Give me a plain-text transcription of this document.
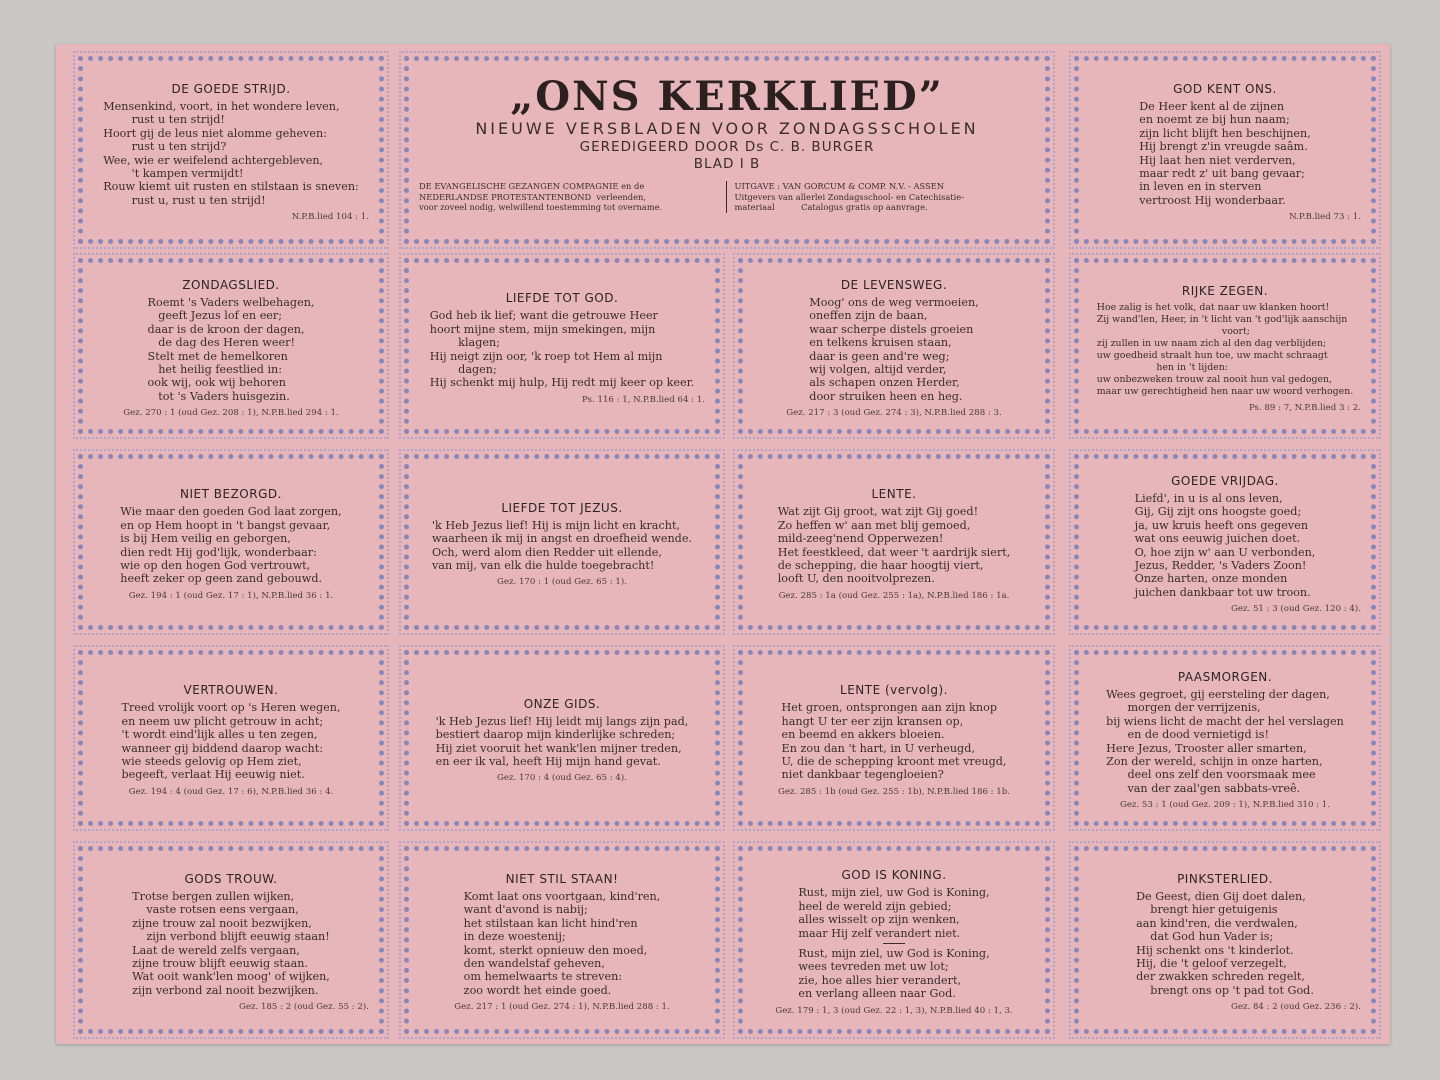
DE GOEDE STRIJD.
Mensenkind, voort, in het wondere leven,
rust u ten strijd!
Hoort gij de leus niet alomme geheven:
rust u ten strijd?
Wee, wie er weifelend achtergebleven,
't kampen vermijdt!
Rouw kiemt uit rusten en stilstaan is sneven:
rust u, rust u ten strijd!
N.P.B.lied 104 : 1.
„ONS KERKLIED”
NIEUWE VERSBLADEN VOOR ZONDAGSSCHOLEN
GEREDIGEERD DOOR Ds C. B. BURGER
BLAD I B
DE EVANGELISCHE GEZANGEN COMPAGNIE en de
NEDERLANDSE PROTESTANTENBOND  verleenden,
voor zoveel nodig, welwillend toestemming tot overname.
UITGAVE : VAN GORCUM & COMP. N.V. - ASSEN
Uitgevers van allerlei Zondagsschool- en Catechisatie-
materiaal          Catalogus gratis op aanvrage.
GOD KENT ONS.
De Heer kent al de zijnen
en noemt ze bij hun naam;
zijn licht blijft hen beschijnen,
Hij brengt z'in vreugde saâm.
Hij laat hen niet verderven,
maar redt z' uit bang gevaar;
in leven en in sterven
vertroost Hij wonderbaar.
N.P.B.lied 73 : 1.
ZONDAGSLIED.
Roemt 's Vaders welbehagen,
geeft Jezus lof en eer;
daar is de kroon der dagen,
de dag des Heren weer!
Stelt met de hemelkoren
het heilig feestlied in:
ook wij, ook wij behoren
tot 's Vaders huisgezin.
Gez. 270 : 1 (oud Gez. 208 : 1), N.P.B.lied 294 : 1.
LIEFDE TOT GOD.
God heb ik lief; want die getrouwe Heer
hoort mijne stem, mijn smekingen, mijn
klagen;
Hij neigt zijn oor, 'k roep tot Hem al mijn
dagen;
Hij schenkt mij hulp, Hij redt mij keer op keer.
Ps. 116 : 1, N.P.B.lied 64 : 1.
DE LEVENSWEG.
Moog' ons de weg vermoeien,
oneffen zijn de baan,
waar scherpe distels groeien
en telkens kruisen staan,
daar is geen and're weg;
wij volgen, altijd verder,
als schapen onzen Herder,
door struiken heen en heg.
Gez. 217 : 3 (oud Gez. 274 : 3), N.P.B.lied 288 : 3.
RIJKE ZEGEN.
Hoe zalig is het volk, dat naar uw klanken hoort!
Zij wand'len, Heer, in 't licht van 't god'lijk aanschijn
voort;
zij zullen in uw naam zich al den dag verblijden;
uw goedheid straalt hun toe, uw macht schraagt
hen in 't lijden:
uw onbezweken trouw zal nooit hun val gedogen,
maar uw gerechtigheid hen naar uw woord verhogen.
Ps. 89 : 7, N.P.B.lied 3 : 2.
NIET BEZORGD.
Wie maar den goeden God laat zorgen,
en op Hem hoopt in 't bangst gevaar,
is bij Hem veilig en geborgen,
dien redt Hij god'lijk, wonderbaar:
wie op den hogen God vertrouwt,
heeft zeker op geen zand gebouwd.
Gez. 194 : 1 (oud Gez. 17 : 1), N.P.B.lied 36 : 1.
LIEFDE TOT JEZUS.
'k Heb Jezus lief! Hij is mijn licht en kracht,
waarheen ik mij in angst en droefheid wende.
Och, werd alom dien Redder uit ellende,
van mij, van elk die hulde toegebracht!
Gez. 170 : 1 (oud Gez. 65 : 1).
LENTE.
Wat zijt Gij groot, wat zijt Gij goed!
Zo heffen w' aan met blij gemoed,
mild-zeeg'nend Opperwezen!
Het feestkleed, dat weer 't aardrijk siert,
de schepping, die haar hoogtij viert,
looft U, den nooitvolprezen.
Gez. 285 : 1a (oud Gez. 255 : 1a), N.P.B.lied 186 : 1a.
GOEDE VRIJDAG.
Liefd', in u is al ons leven,
Gij, Gij zijt ons hoogste goed;
ja, uw kruis heeft ons gegeven
wat ons eeuwig juichen doet.
O, hoe zijn w' aan U verbonden,
Jezus, Redder, 's Vaders Zoon!
Onze harten, onze monden
juichen dankbaar tot uw troon.
Gez. 51 : 3 (oud Gez. 120 : 4).
VERTROUWEN.
Treed vrolijk voort op 's Heren wegen,
en neem uw plicht getrouw in acht;
't wordt eind'lijk alles u ten zegen,
wanneer gij biddend daarop wacht:
wie steeds gelovig op Hem ziet,
begeeft, verlaat Hij eeuwig niet.
Gez. 194 : 4 (oud Gez. 17 : 6), N.P.B.lied 36 : 4.
ONZE GIDS.
'k Heb Jezus lief! Hij leidt mij langs zijn pad,
bestiert daarop mijn kinderlijke schreden;
Hij ziet vooruit het wank'len mijner treden,
en eer ik val, heeft Hij mijn hand gevat.
Gez. 170 : 4 (oud Gez. 65 : 4).
LENTE (vervolg).
Het groen, ontsprongen aan zijn knop
hangt U ter eer zijn kransen op,
en beemd en akkers bloeien.
En zou dan 't hart, in U verheugd,
U, die de schepping kroont met vreugd,
niet dankbaar tegengloeien?
Gez. 285 : 1b (oud Gez. 255 : 1b), N.P.B.lied 186 : 1b.
PAASMORGEN.
Wees gegroet, gij eersteling der dagen,
morgen der verrijzenis,
bij wiens licht de macht der hel verslagen
en de dood vernietigd is!
Here Jezus, Trooster aller smarten,
Zon der wereld, schijn in onze harten,
deel ons zelf den voorsmaak mee
van der zaal'gen sabbats-vreê.
Gez. 53 : 1 (oud Gez. 209 : 1), N.P.B.lied 310 : 1.
GODS TROUW.
Trotse bergen zullen wijken,
vaste rotsen eens vergaan,
zijne trouw zal nooit bezwijken,
zijn verbond blijft eeuwig staan!
Laat de wereld zelfs vergaan,
zijne trouw blijft eeuwig staan.
Wat ooit wank'len moog' of wijken,
zijn verbond zal nooit bezwijken.
Gez. 185 : 2 (oud Gez. 55 : 2).
NIET STIL STAAN!
Komt laat ons voortgaan, kind'ren,
want d'avond is nabij;
het stilstaan kan licht hind'ren
in deze woestenij;
komt, sterkt opnieuw den moed,
den wandelstaf geheven,
om hemelwaarts te streven:
zoo wordt het einde goed.
Gez. 217 : 1 (oud Gez. 274 : 1), N.P.B.lied 288 : 1.
GOD IS KONING.
Rust, mijn ziel, uw God is Koning,
heel de wereld zijn gebied;
alles wisselt op zijn wenken,
maar Hij zelf verandert niet.
Rust, mijn ziel, uw God is Koning,
wees tevreden met uw lot;
zie, hoe alles hier verandert,
en verlang alleen naar God.
Gez. 179 : 1, 3 (oud Gez. 22 : 1, 3), N.P.B.lied 40 : 1, 3.
PINKSTERLIED.
De Geest, dien Gij doet dalen,
brengt hier getuigenis
aan kind'ren, die verdwalen,
dat God hun Vader is;
Hij schenkt ons 't kinderlot.
Hij, die 't geloof verzegelt,
der zwakken schreden regelt,
brengt ons op 't pad tot God.
Gez. 84 : 2 (oud Gez. 236 : 2).
